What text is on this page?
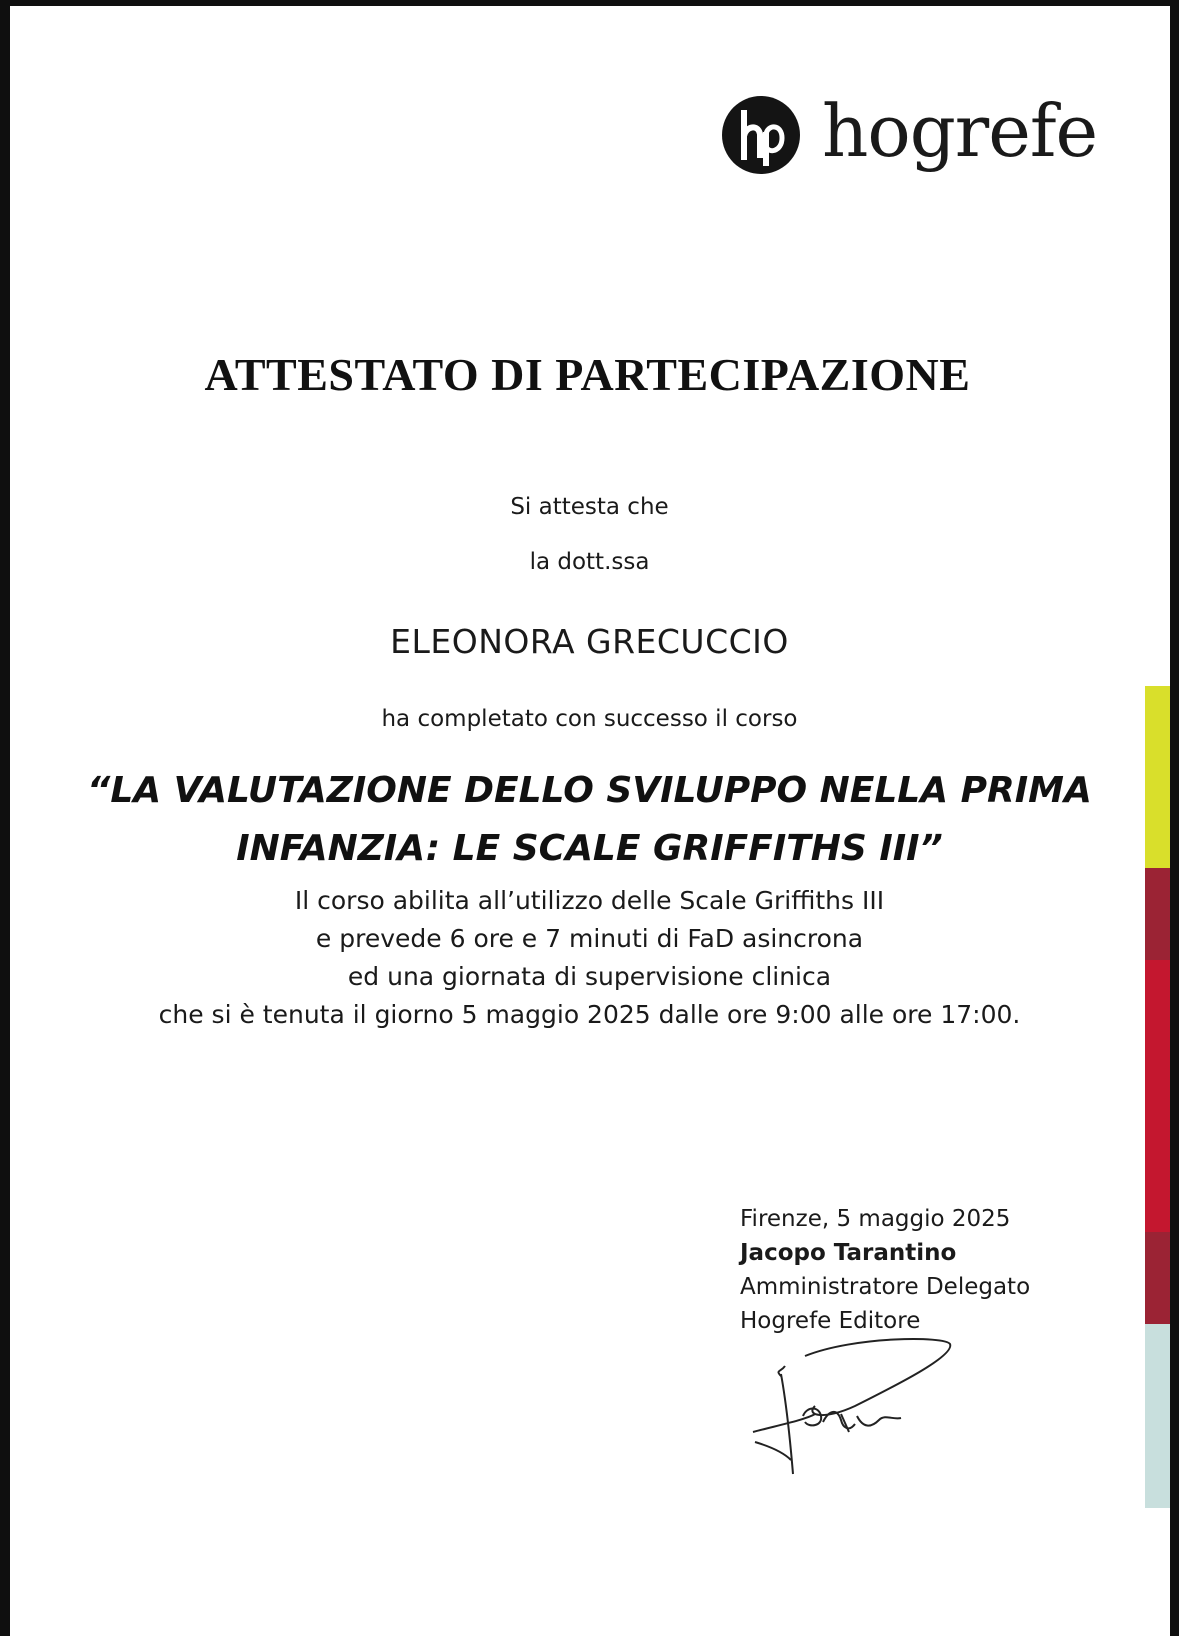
hogrefe
ATTESTATO DI PARTECIPAZIONE
Si attesta che
la dott.ssa
ELEONORA GRECUCCIO
ha completato con successo il corso
“LA VALUTAZIONE DELLO SVILUPPO NELLA PRIMA
INFANZIA: LE SCALE GRIFFITHS III”
Il corso abilita all’utilizzo delle Scale Griffiths III
e prevede 6 ore e 7 minuti di FaD asincrona
ed una giornata di supervisione clinica
che si è tenuta il giorno 5 maggio 2025 dalle ore 9:00 alle ore 17:00.
Firenze, 5 maggio 2025
Jacopo Tarantino
Amministratore Delegato
Hogrefe Editore
